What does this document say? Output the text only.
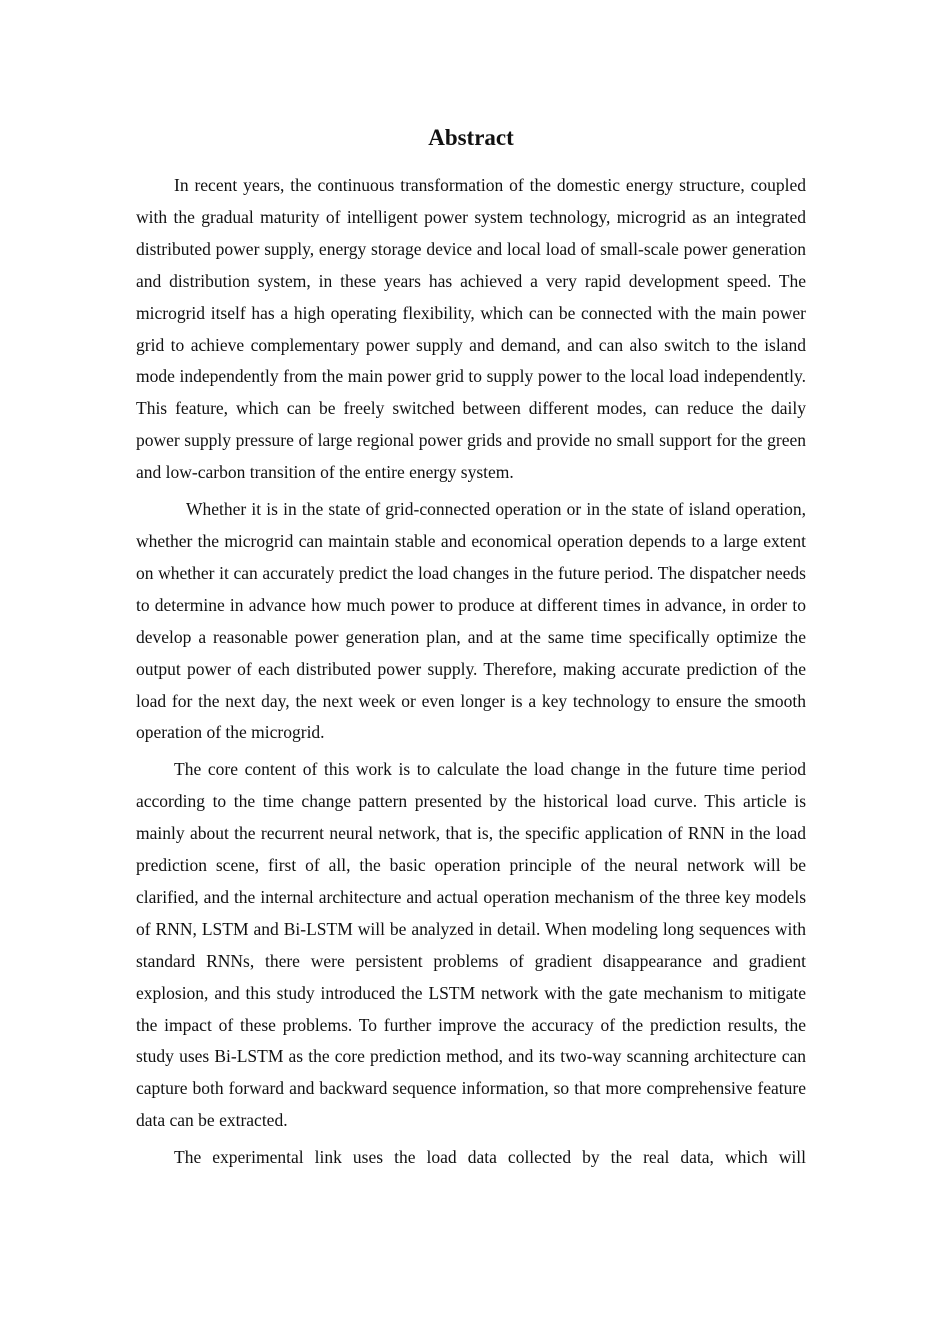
Abstract

In recent years, the continuous transformation of the domestic energy structure, coupled with the gradual maturity of intelligent power system technology, microgrid as an integrated distributed power supply, energy storage device and local load of small-scale power generation and distribution system, in these years has achieved a very rapid development speed. The microgrid itself has a high operating flexibility, which can be connected with the main power grid to achieve complementary power supply and demand, and can also switch to the island mode independently from the main power grid to supply power to the local load independently. This feature, which can be freely switched between different modes, can reduce the daily power supply pressure of large regional power grids and provide no small support for the green and low-carbon transition of the entire energy system.

Whether it is in the state of grid-connected operation or in the state of island operation, whether the microgrid can maintain stable and economical operation depends to a large extent on whether it can accurately predict the load changes in the future period. The dispatcher needs to determine in advance how much power to produce at different times in advance, in order to develop a reasonable power generation plan, and at the same time specifically optimize the output power of each distributed power supply. Therefore, making accurate prediction of the load for the next day, the next week or even longer is a key technology to ensure the smooth operation of the microgrid.

The core content of this work is to calculate the load change in the future time period according to the time change pattern presented by the historical load curve. This article is mainly about the recurrent neural network, that is, the specific application of RNN in the load prediction scene, first of all, the basic operation principle of the neural network will be clarified, and the internal architecture and actual operation mechanism of the three key models of RNN, LSTM and Bi-LSTM will be analyzed in detail. When modeling long sequences with standard RNNs, there were persistent problems of gradient disappearance and gradient explosion, and this study introduced the LSTM network with the gate mechanism to mitigate the impact of these problems. To further improve the accuracy of the prediction results, the study uses Bi-LSTM as the core prediction method, and its two-way scanning architecture can capture both forward and backward sequence information, so that more comprehensive feature data can be extracted.

The experimental link uses the load data collected by the real data, which will
